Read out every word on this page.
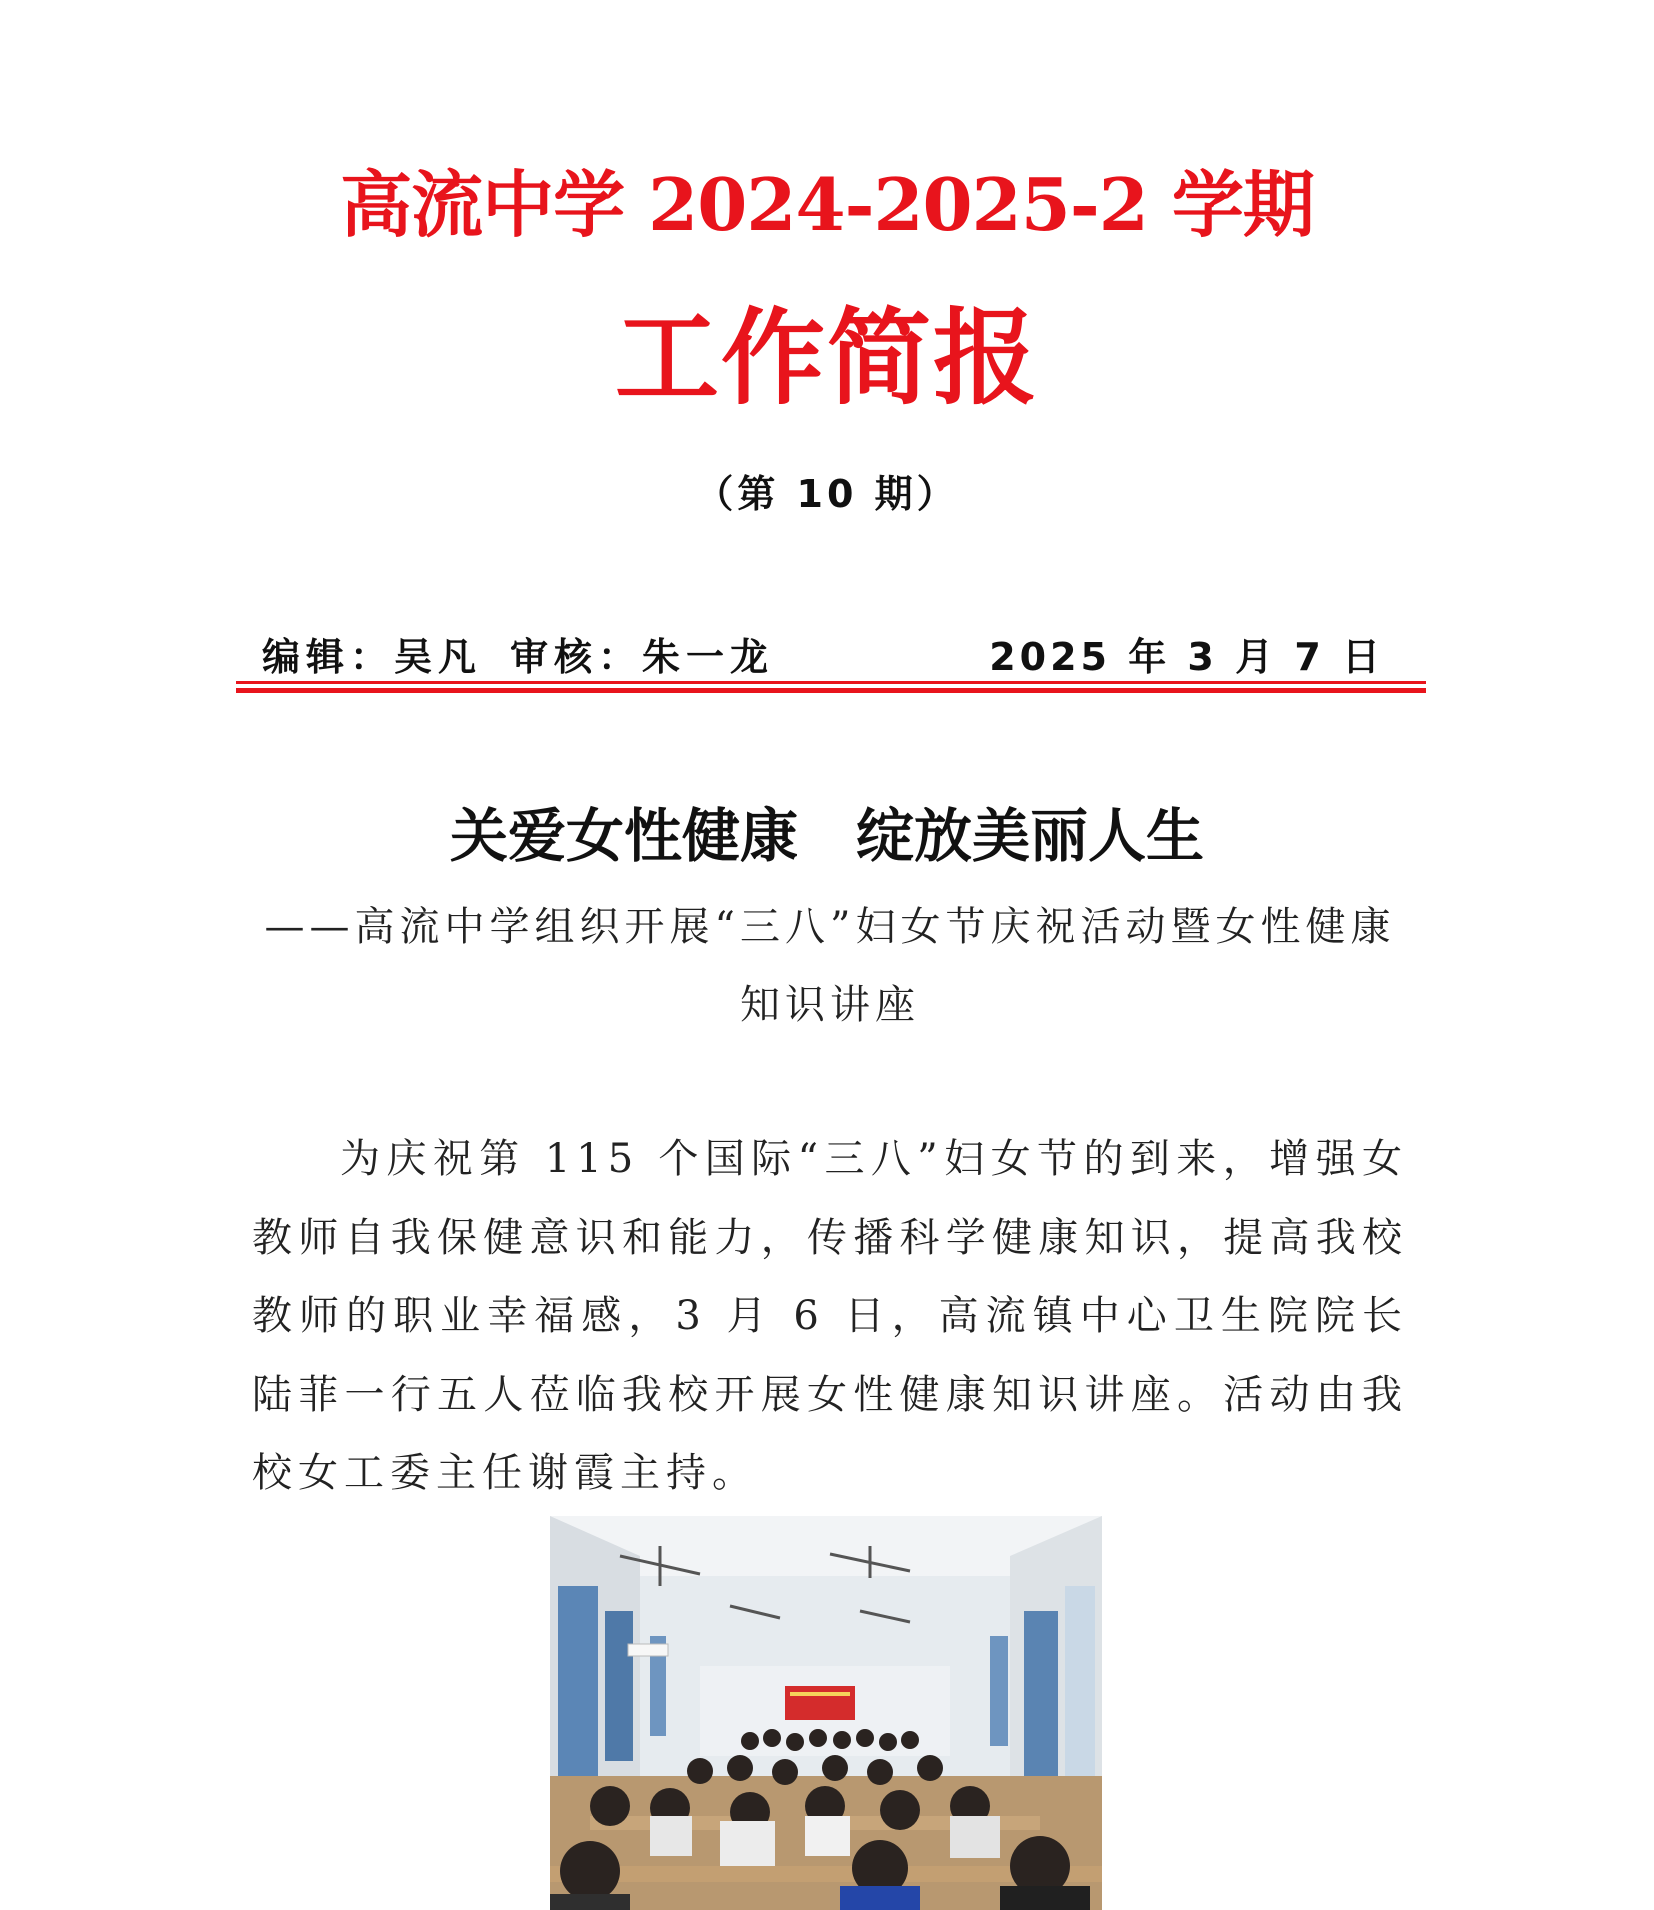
高流中学 2024-2025-2 学期
工作简报
（第 10 期）
编辑：吴凡 审核：朱一龙	2025 年 3 月 7 日
关爱女性健康　绽放美丽人生
——高流中学组织开展“三八”妇女节庆祝活动暨女性健康知识讲座

为庆祝第 115 个国际“三八”妇女节的到来，增强女教师自我保健意识和能力，传播科学健康知识，提高我校教师的职业幸福感，3 月 6 日，高流镇中心卫生院院长陆菲一行五人莅临我校开展女性健康知识讲座。活动由我校女工委主任谢霞主持。
